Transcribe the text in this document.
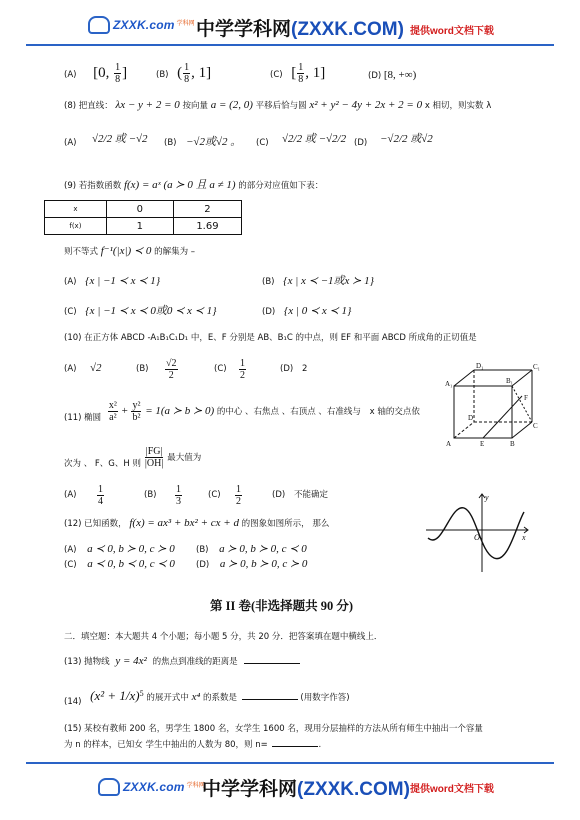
ZXXK.com 学科网 中学学科网(ZXXK.COM) 提供word文档下载
(A) [0, $\frac{1}{8}$ ]	(B) ( $\frac{1}{8}$ , 1]	(C) [ $\frac{1}{8}$ , 1]	(D) [8, +∞)
(8) 把直线： λx − y + 2 = 0 按向量 a = (2, 0) 平移后恰与圆 x² + y² − 4y + 2x + 2 = 0 x 相切，则实数 λ
(A) √2/2 或 −√2 (B) −√2或√2 。 (C) √2/2 或 −√2/2 (D) −√2/2 或√2
(9) 若指数函数 f(x) = aˣ (a ≻ 0 且 a ≠ 1) 的部分对应值如下表：
x	0	2
f(x)	1	1.69
则不等式 f⁻¹(|x|) ≺ 0 的解集为 –
(A) {x | −1 ≺ x ≺ 1}	(B) {x | x ≺ −1或x ≻ 1}
(C) {x | −1 ≺ x ≺ 0或0 ≺ x ≺ 1}	(D) {x | 0 ≺ x ≺ 1}
(10) 在正方体 ABCD -A₁B₁C₁D₁ 中，E、F 分别是 AB、B₁C 的中点，则 EF 和平面 ABCD 所成角的正切值是
(A) √2	$(B) \frac{√2}{2}$	$(C) \frac{1}{2}$	(D) 2	D₁	C₁
A₁	B₁
F
D
C
A	E	B
(11) 椭圆 $\frac{\text{x²}}{\text{a²}} + \frac{\text{y²}}{\text{b²}} = 1(a$ ≻ b ≻ 0) 的中心 、右焦点 、右顶点 、右准线与 x 轴的交点依
次为 、 F、G、H 则 $\frac{|FG|}{|OH|}$ 最大值为
$(A) \frac{1}{4}$	$(B) \frac{1}{3}$	$(C) \frac{1}{2}$	(D) 不能确定	y
x
O
(12) 已知函数， f(x) = ax³ + bx² + cx + d 的图象如图所示， 那么
(A) a ≺ 0, b ≻ 0, c ≻ 0	(B) a ≻ 0, b ≻ 0, c ≺ 0
(C) a ≺ 0, b ≺ 0, c ≺ 0 (D) a ≻ 0, b ≻ 0, c ≻ 0
第 II 卷(非选择题共 90 分)
二．填空题：本大题共 4 个小题；每小题 5 分，共 20 分．把答案填在题中横线上．
(13) 抛物线 y = 4x² 的焦点到准线的距离是
(14) $(x^2 + 1/x)^5$ 的展开式中 x⁴ 的系数是	(用数字作答)
(15) 某校有教师 200 名，男学生 1800 名，女学生 1600 名，现用分层抽样的方法从所有师生中抽出一个容量
为 n 的样本，已知女 学生中抽出的人数为 80，则 n=	.
ZXXK.com 学科网
中学学科网(ZXXK.COM) 提供word文档下载
